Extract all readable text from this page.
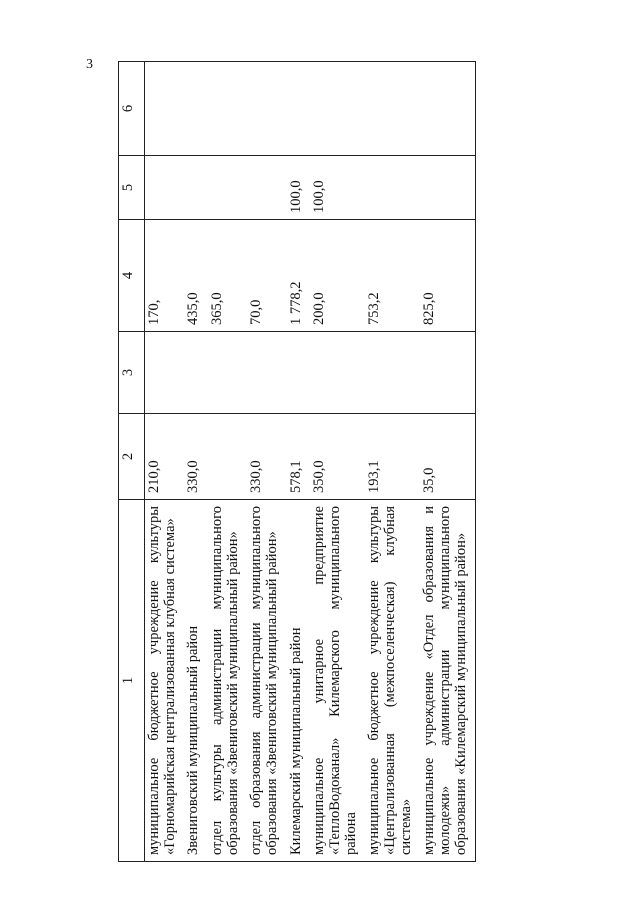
3
1	2	3	4	5	6
муниципальное бюджетное учреждение культуры «Горномарийская централизованная клубная система»	210,0		170,		
Звениговский муниципальный район	330,0		435,0		
отдел культуры администрации муниципального образования «Звениговский муниципальный район»			365,0		
отдел образования администрации муниципального образования «Звениговский муниципальный район»	330,0		70,0		
Килемарский муниципальный район	578,1		1 778,2	100,0	
муниципальное унитарное предприятие «ТеплоВодоканал» Килемарского муниципального района	350,0		200,0	100,0	
муниципальное бюджетное учреждение культуры «Централизованная (межпоселенческая) клубная система»	193,1		753,2		
муниципальное учреждение «Отдел образования и молодежи» администрации муниципального образования «Килемарский муниципальный район»	35,0		825,0		
